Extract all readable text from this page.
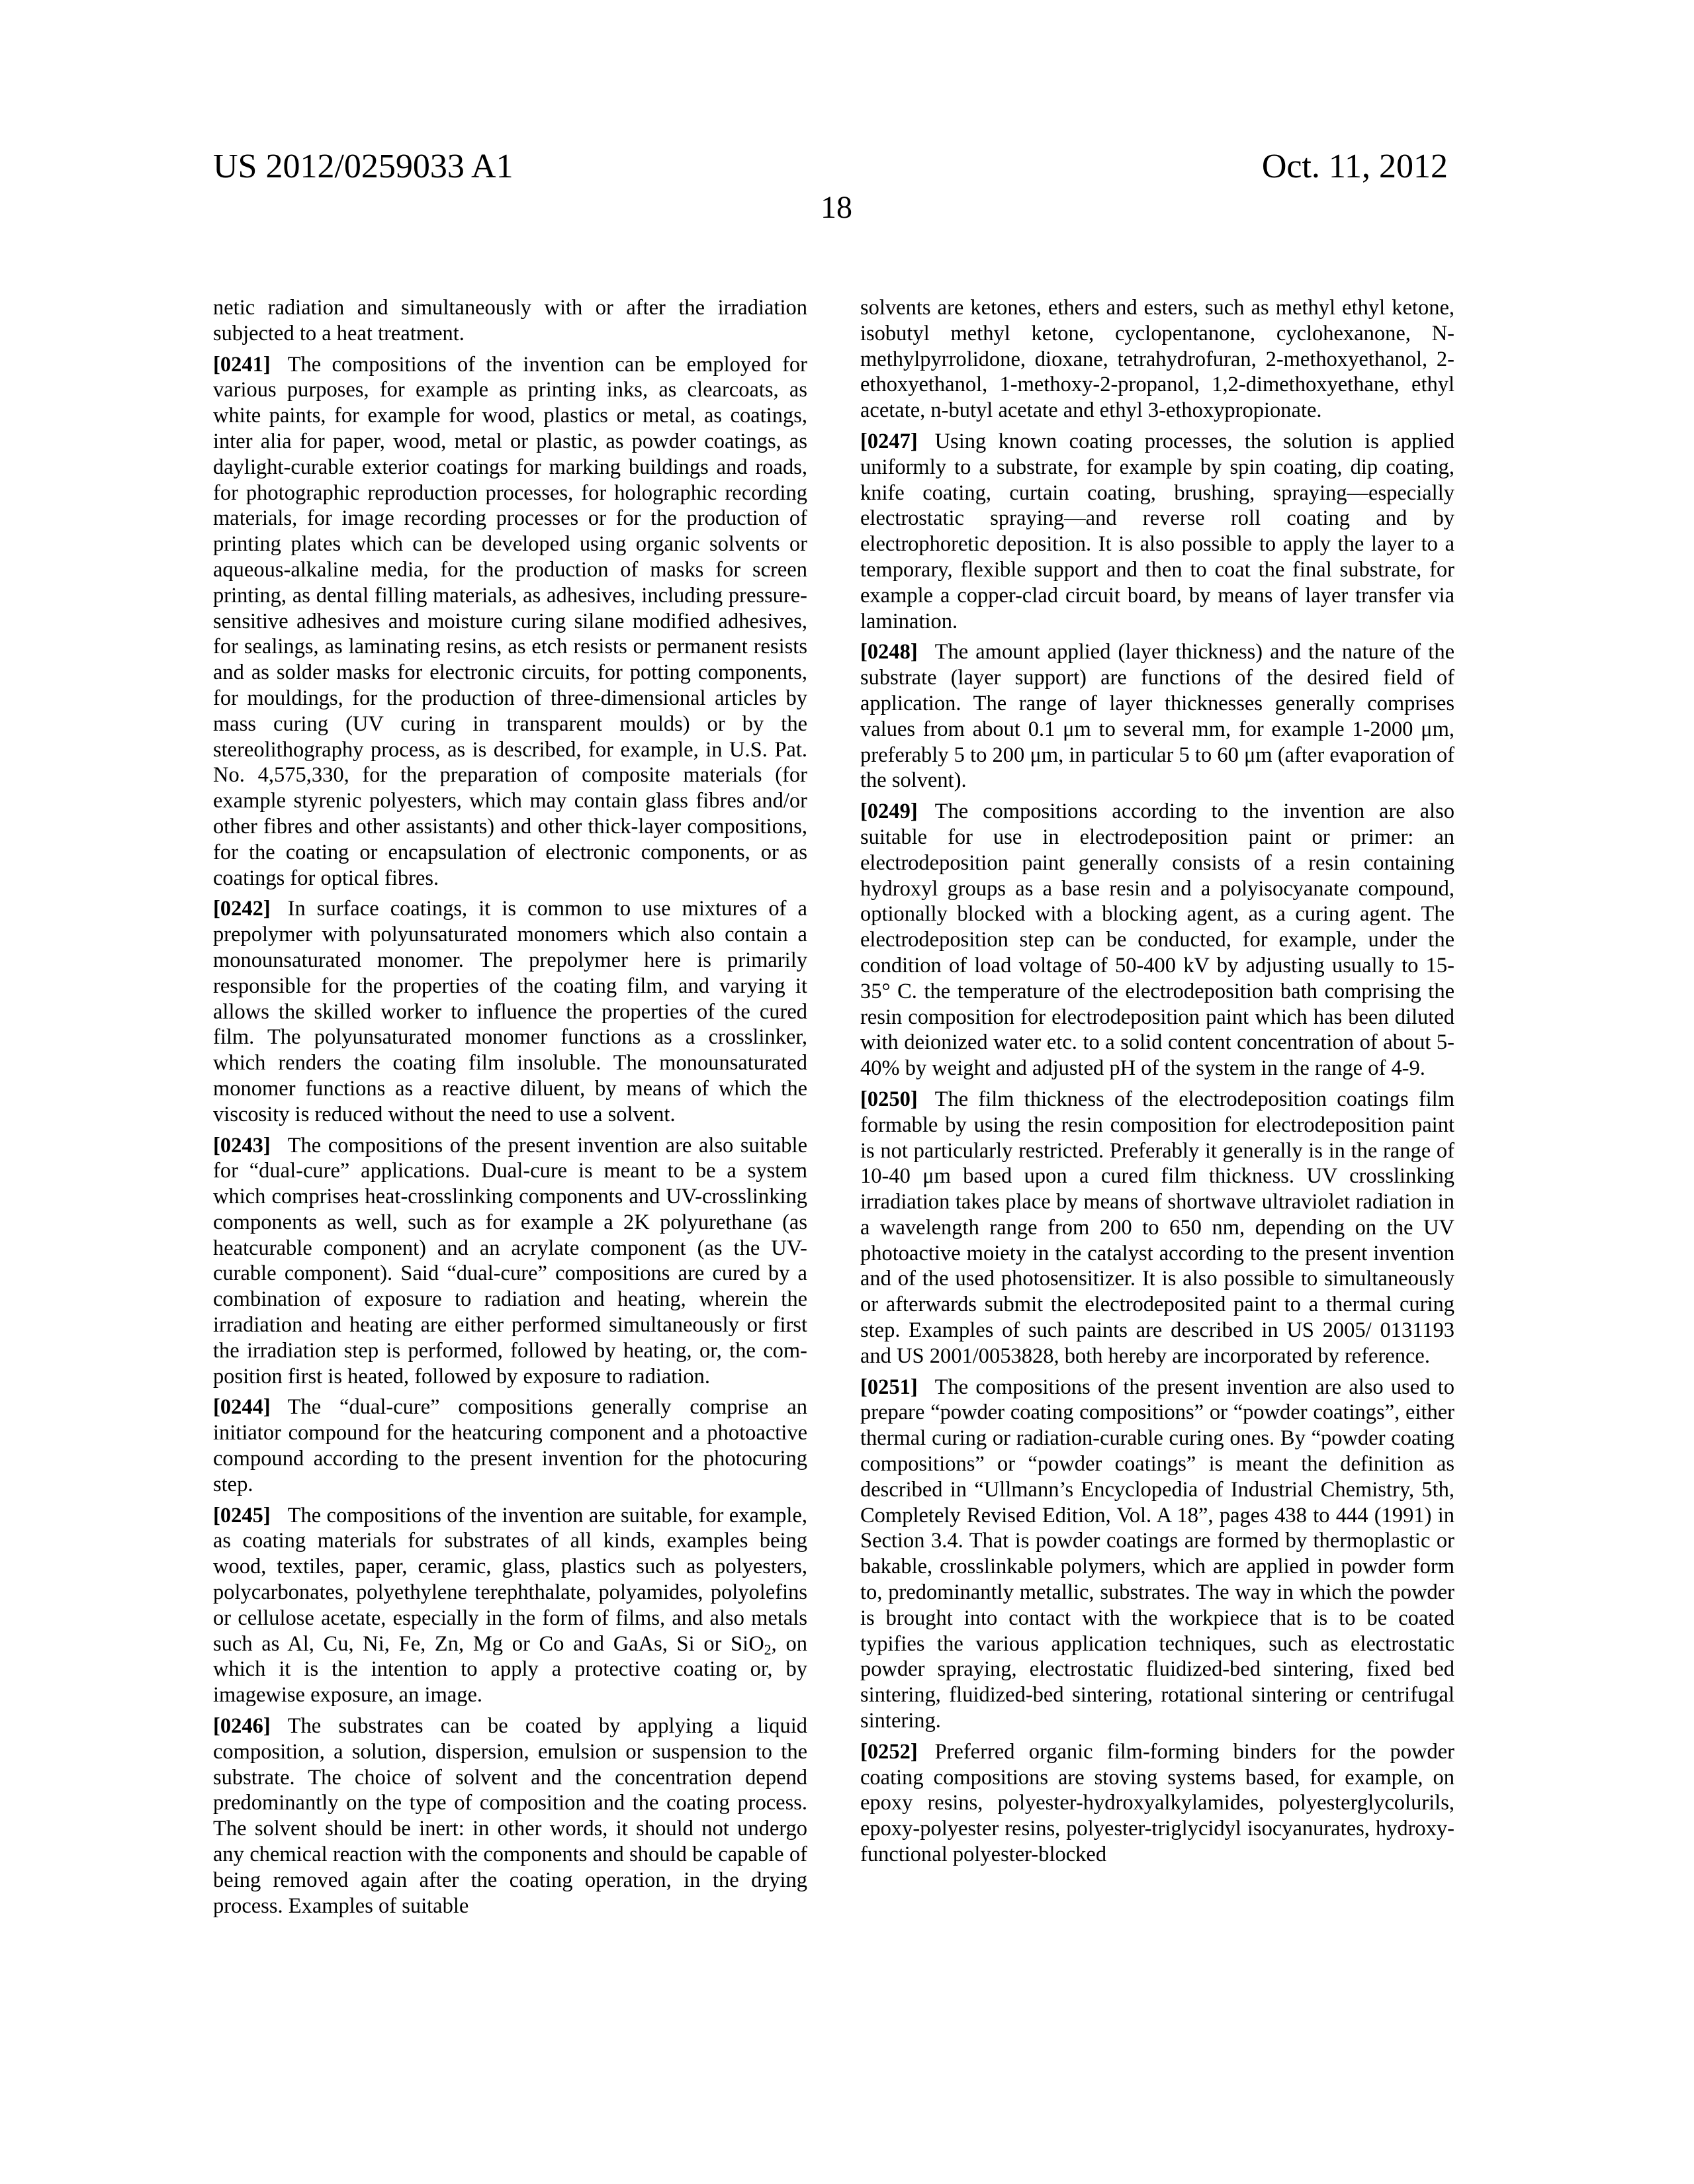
US 2012/0259033 A1	Oct. 11, 2012
18

netic radiation and simultaneously with or after the irradiation subjected to a heat treatment.

[0241] The compositions of the invention can be employed for various purposes, for example as printing inks, as clearcoats, as white paints, for example for wood, plastics or metal, as coatings, inter alia for paper, wood, metal or plastic, as powder coatings, as daylight-curable exterior coatings for marking buildings and roads, for photographic reproduction processes, for holographic recording materials, for image recording processes or for the production of printing plates which can be developed using organic solvents or aqueous-alkaline media, for the production of masks for screen printing, as dental filling materials, as adhesives, including pressure-sensitive adhesives and moisture curing silane modified adhesives, for sealings, as laminating resins, as etch resists or permanent resists and as solder masks for electronic circuits, for potting components, for mouldings, for the production of three-dimensional articles by mass curing (UV curing in transparent moulds) or by the stereolithography process, as is described, for example, in U.S. Pat. No. 4,575,330, for the preparation of composite materials (for example styrenic polyesters, which may contain glass fibres and/or other fibres and other assistants) and other thick-layer compositions, for the coating or encapsulation of electronic components, or as coatings for optical fibres.

[0242] In surface coatings, it is common to use mixtures of a prepolymer with polyunsaturated monomers which also contain a monounsaturated monomer. The prepolymer here is primarily responsible for the properties of the coating film, and varying it allows the skilled worker to influence the properties of the cured film. The polyunsaturated monomer functions as a crosslinker, which renders the coating film insoluble. The monounsaturated monomer functions as a reactive diluent, by means of which the viscosity is reduced without the need to use a solvent.

[0243] The compositions of the present invention are also suitable for “dual-cure” applications. Dual-cure is meant to be a system which comprises heat-crosslinking components and UV-crosslinking components as well, such as for example a 2K polyurethane (as heatcurable component) and an acrylate component (as the UV-curable component). Said “dual-cure” compositions are cured by a combination of exposure to radiation and heating, wherein the irradiation and heating are either performed simultaneously or first the irradiation step is performed, followed by heating, or, the composition first is heated, followed by exposure to radiation.

[0244] The “dual-cure” compositions generally comprise an initiator compound for the heatcuring component and a photoactive compound according to the present invention for the photocuring step.

[0245] The compositions of the invention are suitable, for example, as coating materials for substrates of all kinds, examples being wood, textiles, paper, ceramic, glass, plastics such as polyesters, polycarbonates, polyethylene terephthalate, polyamides, polyolefins or cellulose acetate, especially in the form of films, and also metals such as Al, Cu, Ni, Fe, Zn, Mg or Co and GaAs, Si or SiO$_2$, on which it is the intention to apply a protective coating or, by imagewise exposure, an image.

[0246] The substrates can be coated by applying a liquid composition, a solution, dispersion, emulsion or suspension to the substrate. The choice of solvent and the concentration depend predominantly on the type of composition and the coating process. The solvent should be inert: in other words, it should not undergo any chemical reaction with the components and should be capable of being removed again after the coating operation, in the drying process. Examples of suitable

solvents are ketones, ethers and esters, such as methyl ethyl ketone, isobutyl methyl ketone, cyclopentanone, cyclohexanone, N-methylpyrrolidone, dioxane, tetrahydrofuran, 2-methoxyethanol, 2-ethoxyethanol, 1-methoxy-2-propanol, 1,2-dimethoxyethane, ethyl acetate, n-butyl acetate and ethyl 3-ethoxypropionate.

[0247] Using known coating processes, the solution is applied uniformly to a substrate, for example by spin coating, dip coating, knife coating, curtain coating, brushing, spraying—especially electrostatic spraying—and reverse roll coating and by electrophoretic deposition. It is also possible to apply the layer to a temporary, flexible support and then to coat the final substrate, for example a copper-clad circuit board, by means of layer transfer via lamination.

[0248] The amount applied (layer thickness) and the nature of the substrate (layer support) are functions of the desired field of application. The range of layer thicknesses generally comprises values from about 0.1 μm to several mm, for example 1-2000 μm, preferably 5 to 200 μm, in particular 5 to 60 μm (after evaporation of the solvent).

[0249] The compositions according to the invention are also suitable for use in electrodeposition paint or primer: an electrodeposition paint generally consists of a resin containing hydroxyl groups as a base resin and a polyisocyanate compound, optionally blocked with a blocking agent, as a curing agent. The electrodeposition step can be conducted, for example, under the condition of load voltage of 50-400 kV by adjusting usually to 15-35° C. the temperature of the electrodeposition bath comprising the resin composition for electrodeposition paint which has been diluted with deionized water etc. to a solid content concentration of about 5-40% by weight and adjusted pH of the system in the range of 4-9.

[0250] The film thickness of the electrodeposition coatings film formable by using the resin composition for electrodeposition paint is not particularly restricted. Preferably it generally is in the range of 10-40 μm based upon a cured film thickness. UV crosslinking irradiation takes place by means of shortwave ultraviolet radiation in a wavelength range from 200 to 650 nm, depending on the UV photoactive moiety in the catalyst according to the present invention and of the used photosensitizer. It is also possible to simultaneously or afterwards submit the electrodeposited paint to a thermal curing step. Examples of such paints are described in US 2005/ 0131193 and US 2001/0053828, both hereby are incorporated by reference.

[0251] The compositions of the present invention are also used to prepare “powder coating compositions” or “powder coatings”, either thermal curing or radiation-curable curing ones. By “powder coating compositions” or “powder coatings” is meant the definition as described in “Ullmann’s Encyclopedia of Industrial Chemistry, 5th, Completely Revised Edition, Vol. A 18”, pages 438 to 444 (1991) in Section 3.4. That is powder coatings are formed by thermoplastic or bakable, crosslinkable polymers, which are applied in powder form to, predominantly metallic, substrates. The way in which the powder is brought into contact with the workpiece that is to be coated typifies the various application techniques, such as electrostatic powder spraying, electrostatic fluidized-bed sintering, fixed bed sintering, fluidized-bed sintering, rotational sintering or centrifugal sintering.

[0252] Preferred organic film-forming binders for the powder coating compositions are stoving systems based, for example, on epoxy resins, polyester-hydroxyalkylamides, polyesterglycolurils, epoxy-polyester resins, polyester-triglycidyl isocyanurates, hydroxy-functional polyester-blocked
